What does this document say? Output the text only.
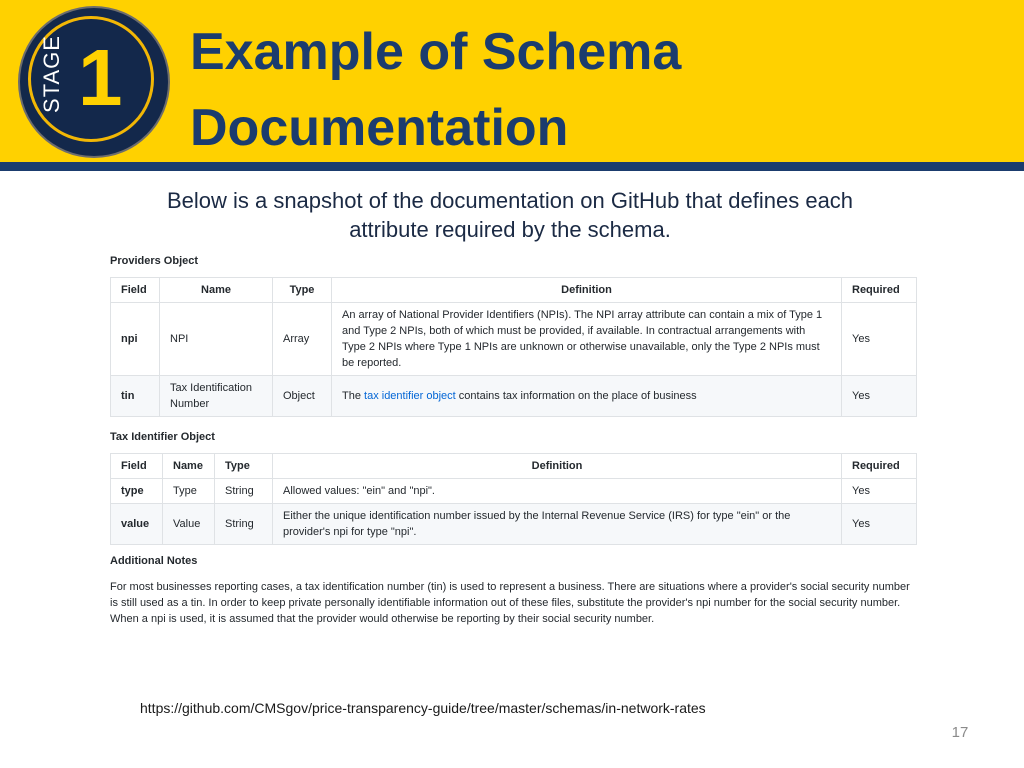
STAGE 1 Example of Schema
Documentation
Below is a snapshot of the documentation on GitHub that defines each
attribute required by the schema.
Providers Object
Field	Name	Type	Definition	Required
npi	NPI	Array	An array of National Provider Identifiers (NPIs). The NPI array attribute can contain a mix of Type 1 and Type 2 NPIs, both of which must be provided, if available. In contractual arrangements with Type 2 NPIs where Type 1 NPIs are unknown or otherwise unavailable, only the Type 2 NPIs must be reported.	Yes
tin	Tax Identification Number	Object	The tax identifier object contains tax information on the place of business	Yes
Tax Identifier Object
Field	Name	Type	Definition	Required
type	Type	String	Allowed values: "ein" and "npi".	Yes
value	Value	String	Either the unique identification number issued by the Internal Revenue Service (IRS) for type "ein" or the provider's npi for type "npi".	Yes
Additional Notes
For most businesses reporting cases, a tax identification number (tin) is used to represent a business. There are situations where a provider's social security number is still used as a tin. In order to keep private personally identifiable information out of these files, substitute the provider's npi number for the social security number. When a npi is used, it is assumed that the provider would otherwise be reporting by their social security number.
https://github.com/CMSgov/price-transparency-guide/tree/master/schemas/in-network-rates
17
